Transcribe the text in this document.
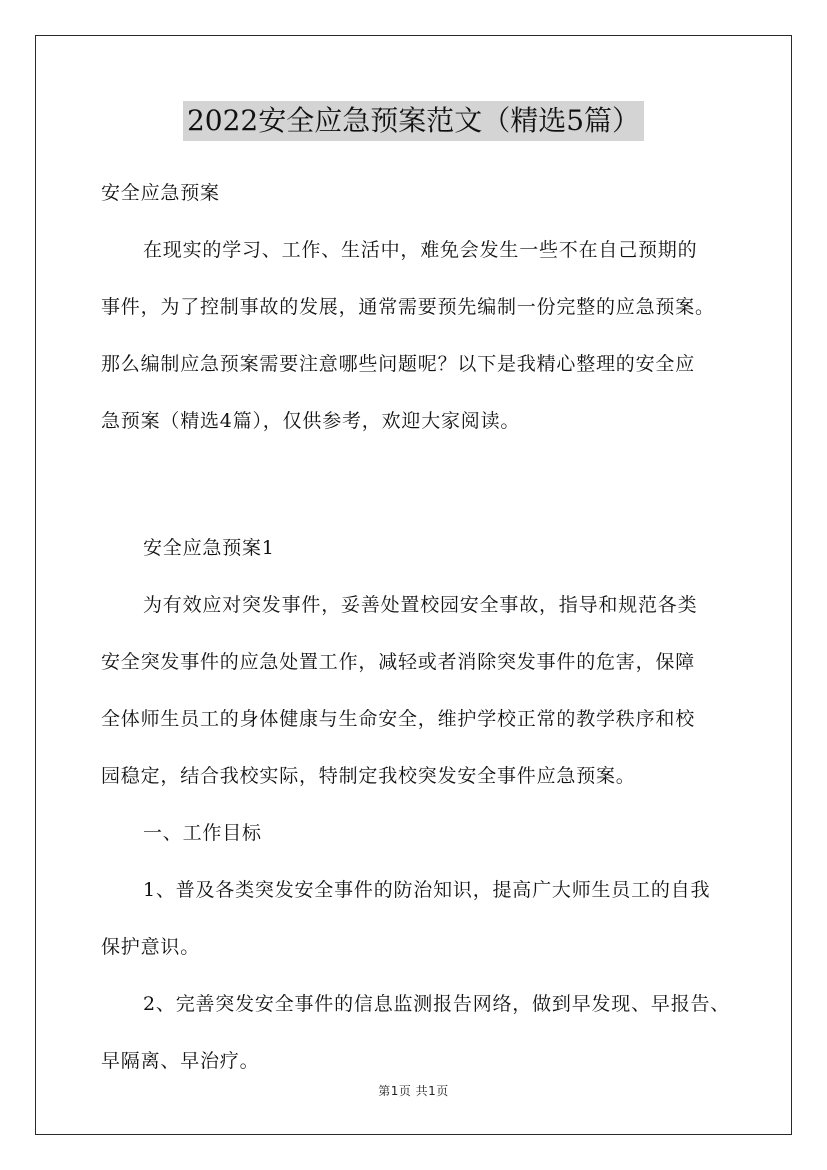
2022安全应急预案范文（精选5篇）

安全应急预案

在现实的学习、工作、生活中，难免会发生一些不在自己预期的

事件，为了控制事故的发展，通常需要预先编制一份完整的应急预案。

那么编制应急预案需要注意哪些问题呢？以下是我精心整理的安全应

急预案（精选4篇），仅供参考，欢迎大家阅读。

安全应急预案1

为有效应对突发事件，妥善处置校园安全事故，指导和规范各类

安全突发事件的应急处置工作，减轻或者消除突发事件的危害，保障

全体师生员工的身体健康与生命安全，维护学校正常的教学秩序和校

园稳定，结合我校实际，特制定我校突发安全事件应急预案。

一、工作目标

1、普及各类突发安全事件的防治知识，提高广大师生员工的自我

保护意识。

2、完善突发安全事件的信息监测报告网络，做到早发现、早报告、

早隔离、早治疗。

第1页 共1页
